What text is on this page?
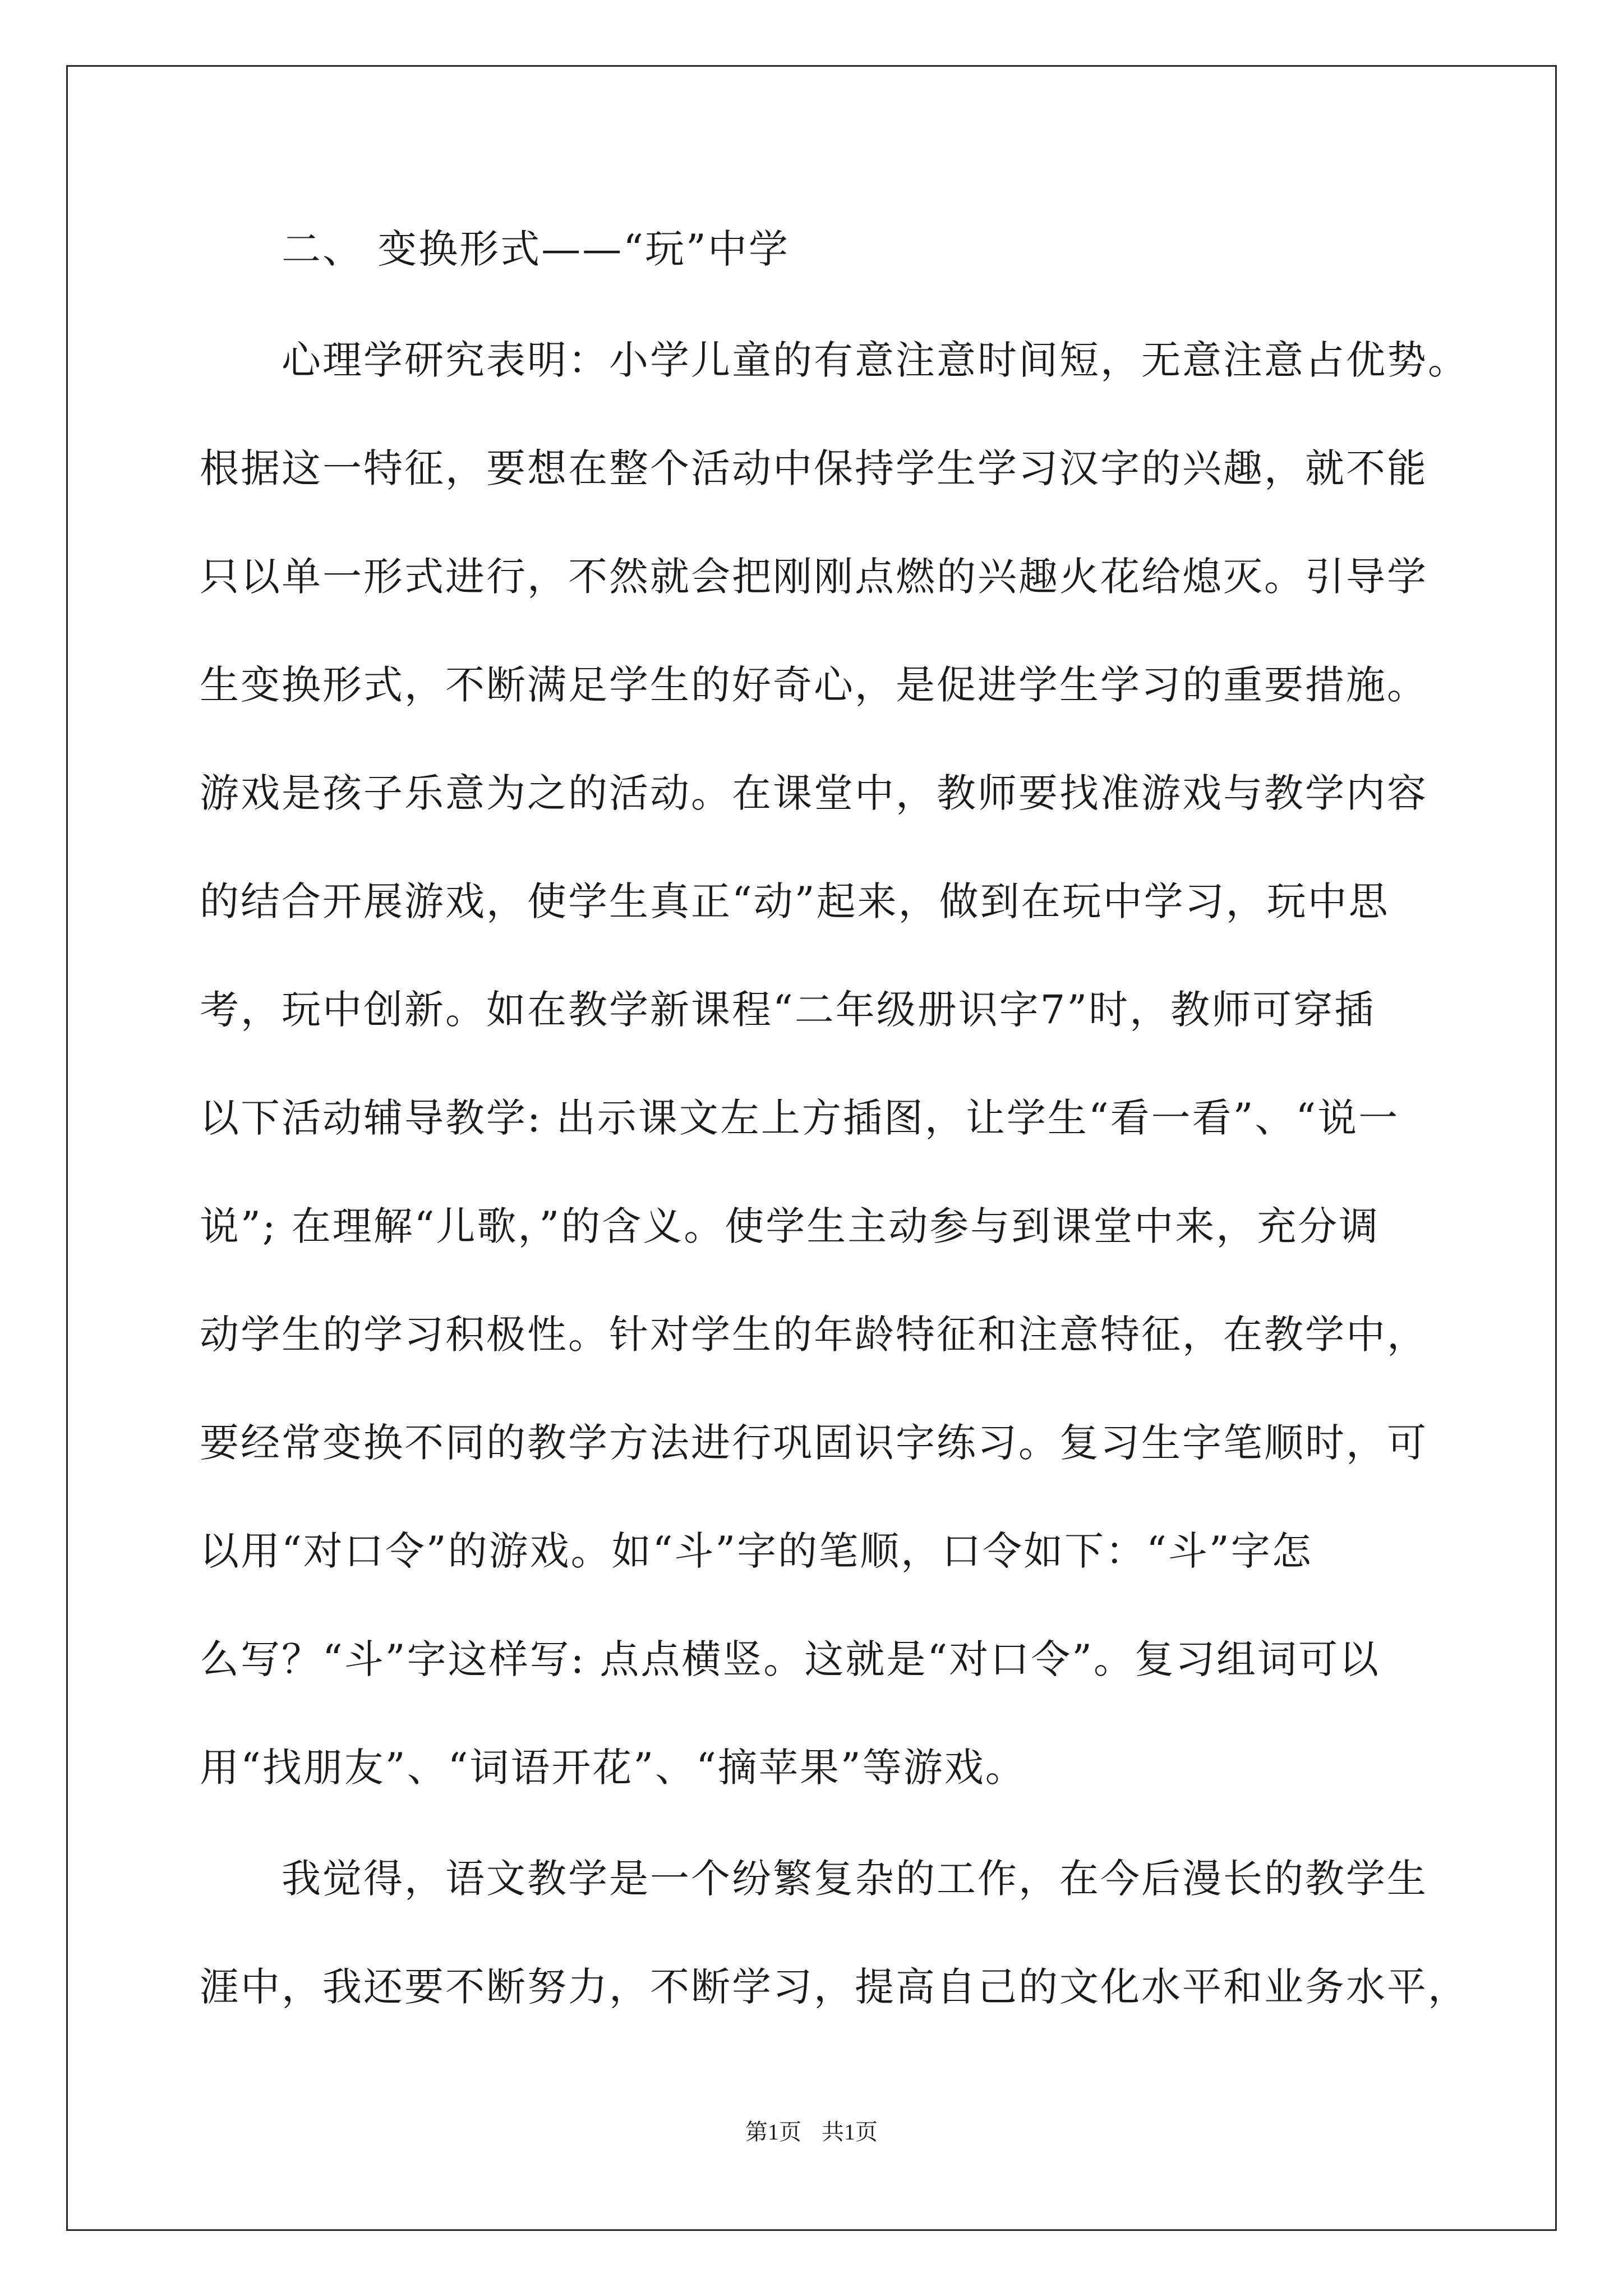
二、 变换形式——“玩”中学
心理学研究表明：小学儿童的有意注意时间短，无意注意占优势。
根据这一特征，要想在整个活动中保持学生学习汉字的兴趣，就不能
只以单一形式进行，不然就会把刚刚点燃的兴趣火花给熄灭。引导学
生变换形式，不断满足学生的好奇心，是促进学生学习的重要措施。
游戏是孩子乐意为之的活动。在课堂中，教师要找准游戏与教学内容
的结合开展游戏，使学生真正“动”起来，做到在玩中学习，玩中思
考，玩中创新。如在教学新课程“二年级册识字7”时，教师可穿插
以下活动辅导教学: 出示课文左上方插图，让学生“看一看”、“说一
说”; 在理解“儿歌，”的含义。使学生主动参与到课堂中来，充分调
动学生的学习积极性。针对学生的年龄特征和注意特征，在教学中，
要经常变换不同的教学方法进行巩固识字练习。复习生字笔顺时，可
以用“对口令”的游戏。如“斗”字的笔顺，口令如下：“斗”字怎
么写？“斗”字这样写: 点点横竖。这就是“对口令”。复习组词可以
用“找朋友”、“词语开花”、“摘苹果”等游戏。
我觉得，语文教学是一个纷繁复杂的工作，在今后漫长的教学生
涯中，我还要不断努力，不断学习，提高自己的文化水平和业务水平，
第1页 共1页
